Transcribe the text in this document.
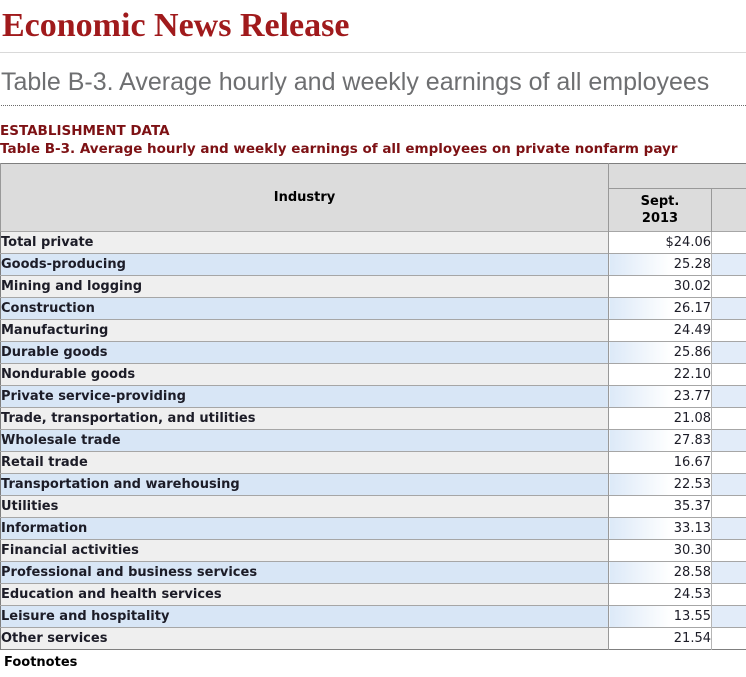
Economic News Release
Table B-3. Average hourly and weekly earnings of all employees
ESTABLISHMENT DATA
Table B-3. Average hourly and weekly earnings of all employees on private nonfarm payr
Industry		
	Sept.
2013	
Total private	$24.06	
Goods-producing	25.28	
Mining and logging	30.02	
Construction	26.17	
Manufacturing	24.49	
Durable goods	25.86	
Nondurable goods	22.10	
Private service-providing	23.77	
Trade, transportation, and utilities	21.08	
Wholesale trade	27.83	
Retail trade	16.67	
Transportation and warehousing	22.53	
Utilities	35.37	
Information	33.13	
Financial activities	30.30	
Professional and business services	28.58	
Education and health services	24.53	
Leisure and hospitality	13.55	
Other services	21.54	
Footnotes
